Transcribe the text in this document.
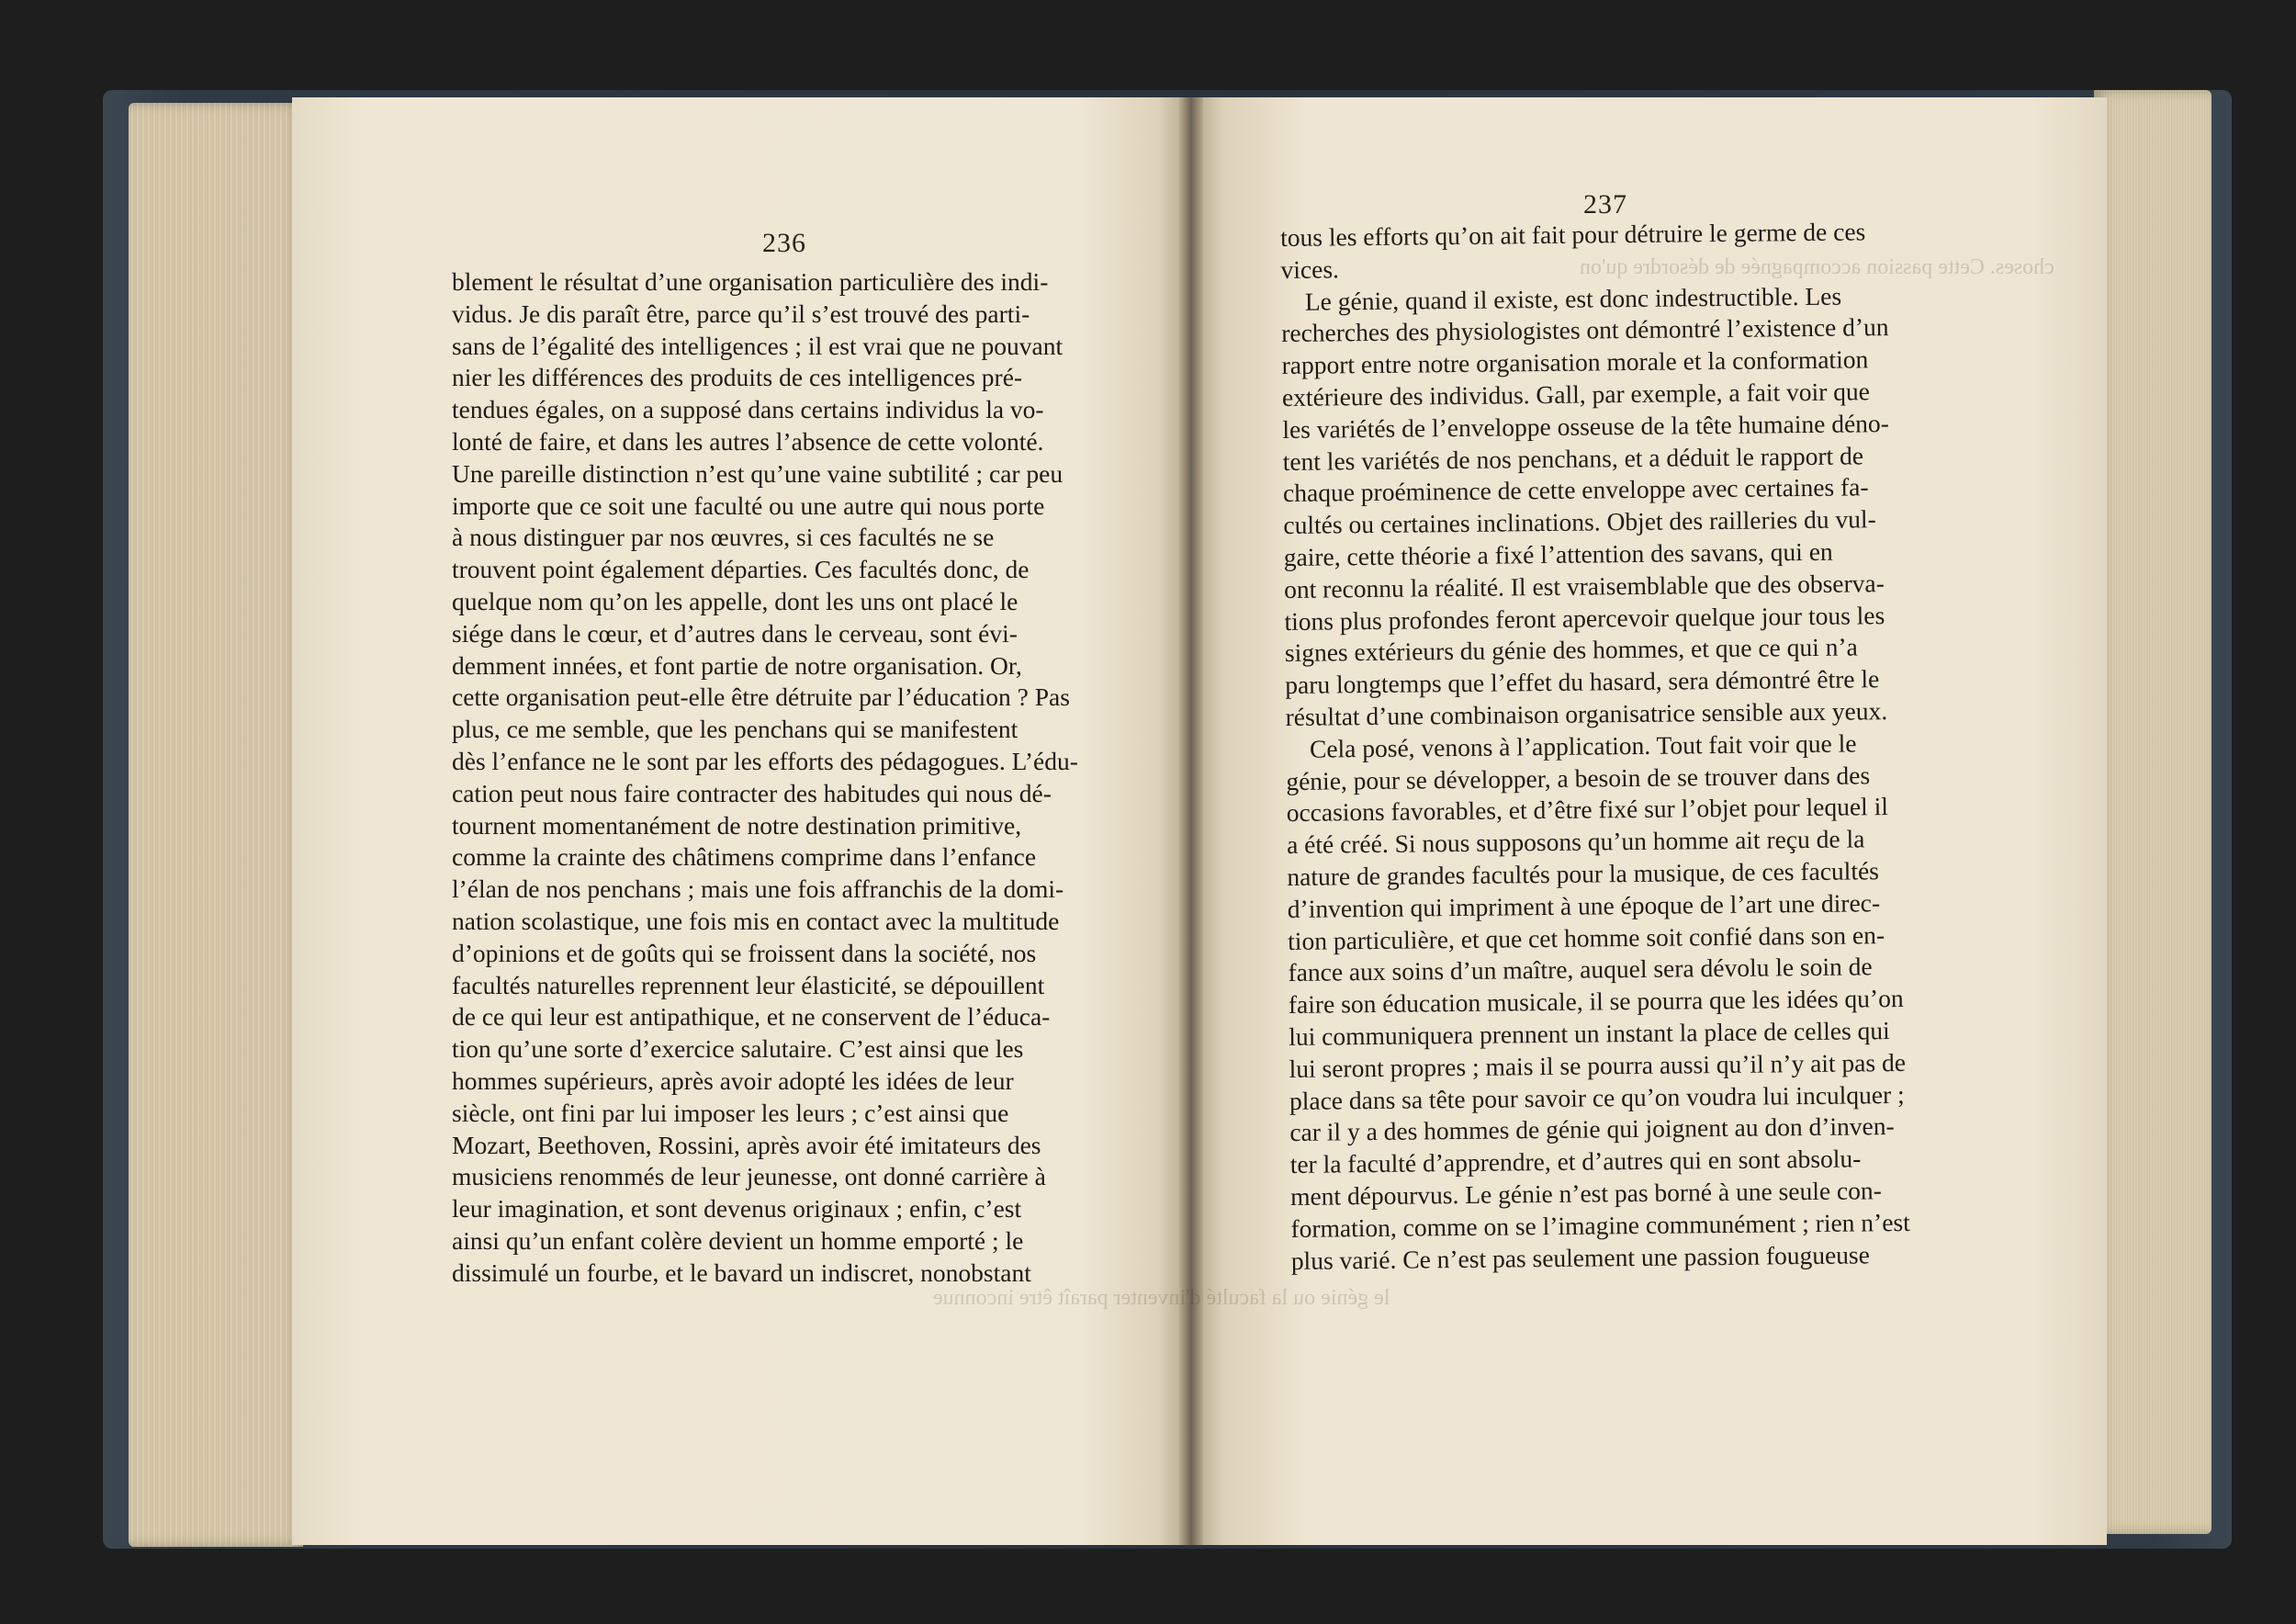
236
237
choses. Cette passion accompagnée de désordre qu'on
le génie ou la faculté d'inventer paraît être inconnue

blement le résultat d’une organisation particulière des indi-

vidus. Je dis paraît être, parce qu’il s’est trouvé des parti-

sans de l’égalité des intelligences ; il est vrai que ne pouvant

nier les différences des produits de ces intelligences pré-

tendues égales, on a supposé dans certains individus la vo-

lonté de faire, et dans les autres l’absence de cette volonté.

Une pareille distinction n’est qu’une vaine subtilité ; car peu

importe que ce soit une faculté ou une autre qui nous porte

à nous distinguer par nos œuvres, si ces facultés ne se

trouvent point également départies. Ces facultés donc, de

quelque nom qu’on les appelle, dont les uns ont placé le

siége dans le cœur, et d’autres dans le cerveau, sont évi-

demment innées, et font partie de notre organisation. Or,

cette organisation peut-elle être détruite par l’éducation ? Pas

plus, ce me semble, que les penchans qui se manifestent

dès l’enfance ne le sont par les efforts des pédagogues. L’édu-

cation peut nous faire contracter des habitudes qui nous dé-

tournent momentanément de notre destination primitive,

comme la crainte des châtimens comprime dans l’enfance

l’élan de nos penchans ; mais une fois affranchis de la domi-

nation scolastique, une fois mis en contact avec la multitude

d’opinions et de goûts qui se froissent dans la société, nos

facultés naturelles reprennent leur élasticité, se dépouillent

de ce qui leur est antipathique, et ne conservent de l’éduca-

tion qu’une sorte d’exercice salutaire. C’est ainsi que les

hommes supérieurs, après avoir adopté les idées de leur

siècle, ont fini par lui imposer les leurs ; c’est ainsi que

Mozart, Beethoven, Rossini, après avoir été imitateurs des

musiciens renommés de leur jeunesse, ont donné carrière à

leur imagination, et sont devenus originaux ; enfin, c’est

ainsi qu’un enfant colère devient un homme emporté ; le

dissimulé un fourbe, et le bavard un indiscret, nonobstant

tous les efforts qu’on ait fait pour détruire le germe de ces

vices.

Le génie, quand il existe, est donc indestructible. Les

recherches des physiologistes ont démontré l’existence d’un

rapport entre notre organisation morale et la conformation

extérieure des individus. Gall, par exemple, a fait voir que

les variétés de l’enveloppe osseuse de la tête humaine déno-

tent les variétés de nos penchans, et a déduit le rapport de

chaque proéminence de cette enveloppe avec certaines fa-

cultés ou certaines inclinations. Objet des railleries du vul-

gaire, cette théorie a fixé l’attention des savans, qui en

ont reconnu la réalité. Il est vraisemblable que des observa-

tions plus profondes feront apercevoir quelque jour tous les

signes extérieurs du génie des hommes, et que ce qui n’a

paru longtemps que l’effet du hasard, sera démontré être le

résultat d’une combinaison organisatrice sensible aux yeux.

Cela posé, venons à l’application. Tout fait voir que le

génie, pour se développer, a besoin de se trouver dans des

occasions favorables, et d’être fixé sur l’objet pour lequel il

a été créé. Si nous supposons qu’un homme ait reçu de la

nature de grandes facultés pour la musique, de ces facultés

d’invention qui impriment à une époque de l’art une direc-

tion particulière, et que cet homme soit confié dans son en-

fance aux soins d’un maître, auquel sera dévolu le soin de

faire son éducation musicale, il se pourra que les idées qu’on

lui communiquera prennent un instant la place de celles qui

lui seront propres ; mais il se pourra aussi qu’il n’y ait pas de

place dans sa tête pour savoir ce qu’on voudra lui inculquer ;

car il y a des hommes de génie qui joignent au don d’inven-

ter la faculté d’apprendre, et d’autres qui en sont absolu-

ment dépourvus. Le génie n’est pas borné à une seule con-

formation, comme on se l’imagine communément ; rien n’est

plus varié. Ce n’est pas seulement une passion fougueuse
